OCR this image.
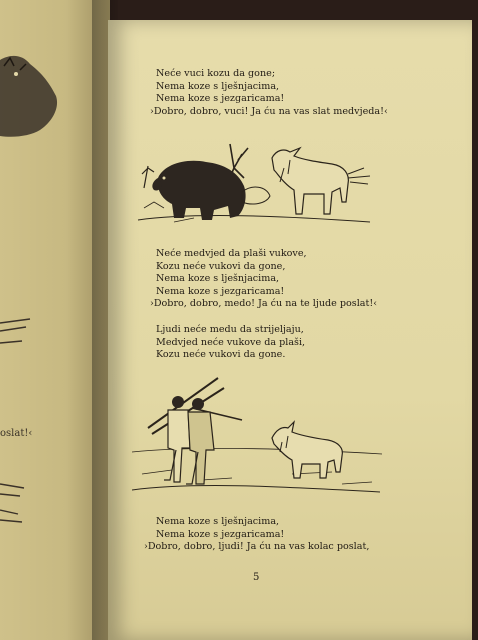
oslat!‹
Neće vuci kozu da gone;
Nema koze s lješnjacima,
Nema koze s jezgaricama!
›Dobro, dobro, vuci! Ja ću na vas slat medvjeda!‹
Neće medvjed da plaši vukove,
Kozu neće vukovi da gone,
Nema koze s lješnjacima,
Nema koze s jezgaricama!
›Dobro, dobro, medo! Ja ću na te ljude poslat!‹
Ljudi neće medu da strijeljaju,
Medvjed neće vukove da plaši,
Kozu neće vukovi da gone.
Nema koze s lješnjacima,
Nema koze s jezgaricama!
›Dobro, dobro, ljudi! Ja ću na vas kolac poslat,
5
